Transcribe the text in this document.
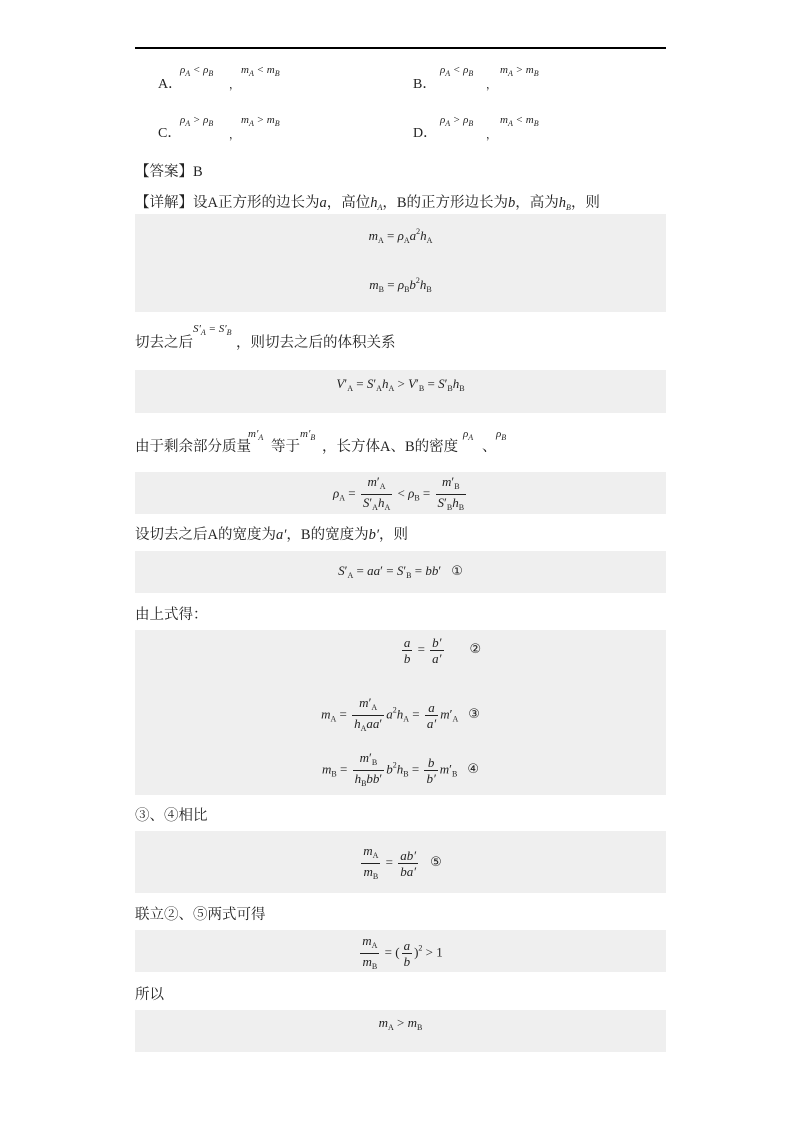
A．
$\rho_A < \rho_B$
，
$m_A < m_B$
B．
$\rho_A < \rho_B$
，
$m_A > m_B$
C．
$\rho_A > \rho_B$
，
$m_A > m_B$
D．
$\rho_A > \rho_B$
，
$m_A < m_B$
【答案】B
【详解】设A正方形的边长为a，高位$h_A$，B的正方形边长为b，高为$h_B$，则
$m_A = \rho_Aa^2h_A$
$m_B = \rho_Bb^2h_B$
切去之后
$S'_A = S'_B$
，则切去之后的体积关系
$V'_A = S'_Ah_A > V'_B = S'_Bh_B$
由于剩余部分质量
$m'_A$
等于
$m'_B$
，长方体A、B的密度
$\rho_A$
、
$\rho_B$
$\rho_A = \frac{m'_A}{S'_Ah_A} < \rho_B = \frac{m'_B}{S'_Bh_B}$
设切去之后A的宽度为a′，B的宽度为b′，则
$S'_A = aa' = S'_B = bb'$ ①
由上式得：
$\frac{a}{b} = \frac{b'}{a'}$ ②
$m_A = \frac{m'_A}{h_Aaa'} a^2h_A = \frac{a}{a'} m'_A$ ③
$m_B = \frac{m'_B}{h_Bbb'} b^2h_B = \frac{b}{b'} m'_B$ ④
③、④相比
$\frac{m_A}{m_B} = \frac{ab'}{ba'}$ ⑤
联立②、⑤两式可得
$\frac{m_A}{m_B}$ = ( $\frac{a}{b} )^2 > 1$
所以
$m_A > m_B$
